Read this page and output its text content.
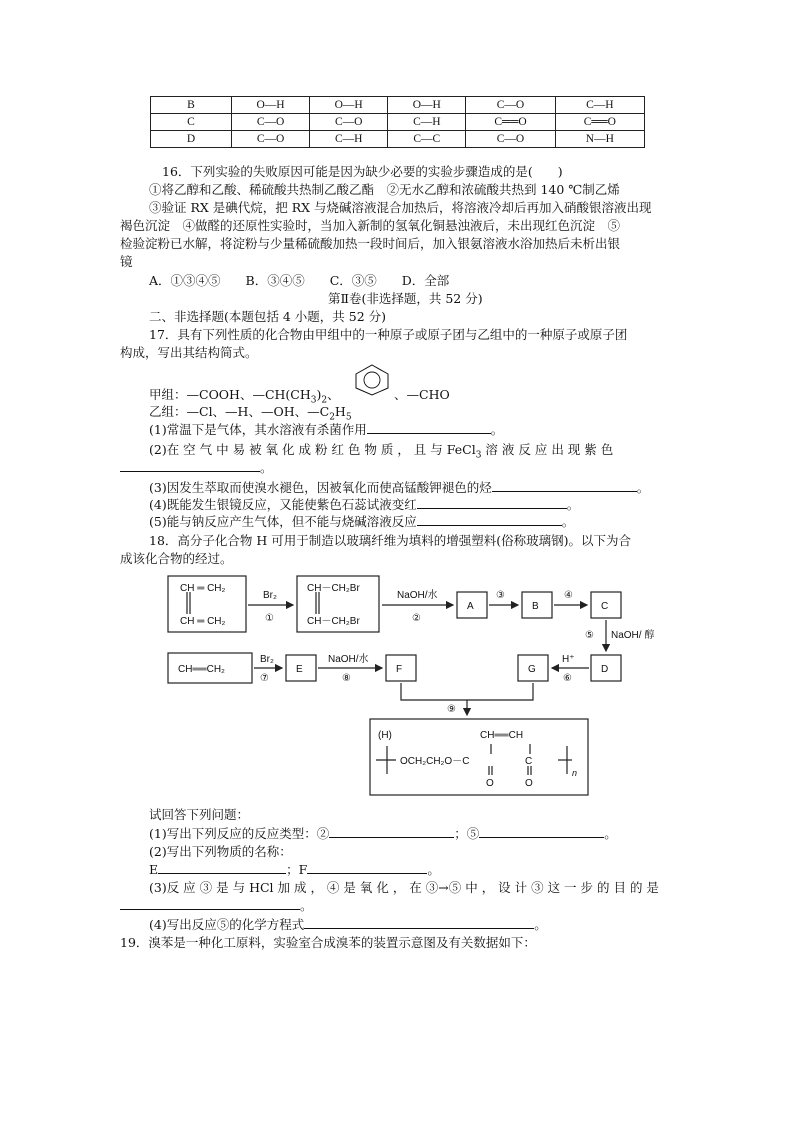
B	O—H	O—H	O—H	C—O	C—H
C	C—O	C—O	C—H	C══O	C══O
D	C—O	C—H	C—C	C—O	N—H
16．下列实验的失败原因可能是因为缺少必要的实验步骤造成的是(　　)
①将乙醇和乙酸、稀硫酸共热制乙酸乙酯　②无水乙醇和浓硫酸共热到 140 ℃制乙烯
③验证 RX 是碘代烷，把 RX 与烧碱溶液混合加热后，将溶液冷却后再加入硝酸银溶液出现
褐色沉淀　④做醛的还原性实验时，当加入新制的氢氧化铜悬浊液后，未出现红色沉淀　⑤
检验淀粉已水解，将淀粉与少量稀硫酸加热一段时间后，加入银氨溶液水浴加热后未析出银
镜
A．①③④⑤　　B．③④⑤　　C．③⑤　　D．全部
第Ⅱ卷(非选择题，共 52 分)
二、非选择题(本题包括 4 小题，共 52 分)
17．具有下列性质的化合物由甲组中的一种原子或原子团与乙组中的一种原子或原子团
构成，写出其结构简式。
甲组：—COOH、$—CH(CH_3)_2$、	、—CHO
乙组：—Cl、—H、—OH、$—C_2H_5$
(1)常温下是气体，其水溶液有杀菌作用	。
(2)在 空 气 中 易 被 氧 化 成 粉 红 色 物 质 ， 且 与 FeCl$_3$ 溶 液 反 应 出 现 紫 色
。
(3)因发生萃取而使溴水褪色，因被氧化而使高锰酸钾褪色的烃	。
(4)既能发生银镜反应，又能使紫色石蕊试液变红	。
(5)能与钠反应产生气体，但不能与烧碱溶液反应	。
18．高分子化合物 H 可用于制造以玻璃纤维为填料的增强塑料(俗称玻璃钢)。以下为合
成该化合物的经过。
CH ═ CH₂
CH ═ CH₂
Br₂
①
CH－CH₂Br
CH－CH₂Br
NaOH/水
②
A
③
B
④
C
⑤ NaOH/ 醇
D
H⁺
⑥
G
CH══CH₂
Br₂
⑦
E
NaOH/水
⑧
F
⑨
(H)	CH══CH
OCH₂CH₂O－C	C
O	O
n
试回答下列问题：
(1)写出下列反应的反应类型：②	；⑤	。
(2)写出下列物质的名称：
E	；F	。
(3)反 应 ③ 是 与 HCl 加 成 ， ④ 是 氧 化 ， 在 ③→⑤ 中 ， 设 计 ③ 这 一 步 的 目 的 是
。
(4)写出反应⑤的化学方程式	。
19．溴苯是一种化工原料，实验室合成溴苯的装置示意图及有关数据如下：
